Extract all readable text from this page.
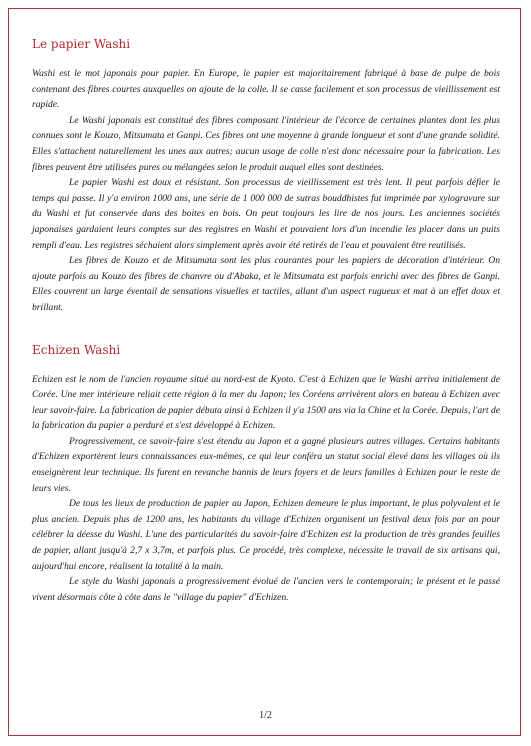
Le papier Washi

Washi est le mot japonais pour papier. En Europe, le papier est majoritairement fabriqué à base de pulpe de bois contenant des fibres courtes auxquelles on ajoute de la colle. Il se casse facilement et son processus de vieillissement est rapide.

Le Washi japonais est constitué des fibres composant l'intérieur de l'écorce de certaines plantes dont les plus connues sont le Kouzo, Mitsumata et Ganpi. Ces fibres ont une moyenne à grande longueur et sont d'une grande solidité. Elles s'attachent naturellement les unes aux autres; aucun usage de colle n'est donc nécessaire pour la fabrication. Les fibres peuvent être utilisées pures ou mélangées selon le produit auquel elles sont destinées.

Le papier Washi est doux et résistant. Son processus de vieillissement est très lent. Il peut parfois défier le temps qui passe. Il y'a environ 1000 ans, une série de 1 000 000 de sutras bouddhistes fut imprimée par xylogravure sur du Washi et fut conservée dans des boites en bois. On peut toujours les lire de nos jours. Les anciennes sociétés japonaises gardaient leurs comptes sur des registres en Washi et pouvaient lors d'un incendie les placer dans un puits rempli d'eau. Les registres séchaient alors simplement après avoir été retirés de l'eau et pouvaient être reutilisés.

Les fibres de Kouzo et de Mitsumata sont les plus courantes pour les papiers de décoration d'intérieur. On ajoute parfois au Kouzo des fibres de chanvre ou d'Abaka, et le Mitsumata est parfois enrichi avec des fibres de Ganpi. Elles couvrent un large éventail de sensations visuelles et tactiles, allant d'un aspect rugueux et mat à un effet doux et brillant.

Echizen Washi

Echizen est le nom de l'ancien royaume situé au nord-est de Kyoto. C'est à Echizen que le Washi arriva initialement de Corée. Une mer intérieure reliait cette région à la mer du Japon; les Coréens arrivèrent alors en bateau à Echizen avec leur savoir-faire. La fabrication de papier débuta ainsi à Echizen il y'a 1500 ans via la Chine et la Corée. Depuis, l'art de la fabrication du papier a perduré et s'est développé à Echizen.

Progressivement, ce savoir-faire s'est étendu au Japon et a gagné plusieurs autres villages. Certains habitants d'Echizen exportèrent leurs connaissances eux-mêmes, ce qui leur conféra un statut social élevé dans les villages où ils enseignèrent leur technique. Ils furent en revanche bannis de leurs foyers et de leurs familles à Echizen pour le reste de leurs vies.

De tous les lieux de production de papier au Japon, Echizen demeure le plus important, le plus polyvalent et le plus ancien. Depuis plus de 1200 ans, les habitants du village d'Echizen organisent un festival deux fois par an pour célébrer la déesse du Washi. L'une des particularités du savoir-faire d'Echizen est la production de très grandes feuilles de papier, allant jusqu'à 2,7 x 3,7m, et parfois plus. Ce procédé, très complexe, nécessite le travail de six artisans qui, aujourd'hui encore, réalisent la totalité à la main.

Le style du Washi japonais a progressivement évolué de l'ancien vers le contemporain; le présent et le passé vivent désormais côte à côte dans le "village du papier" d'Echizen.

1/2
